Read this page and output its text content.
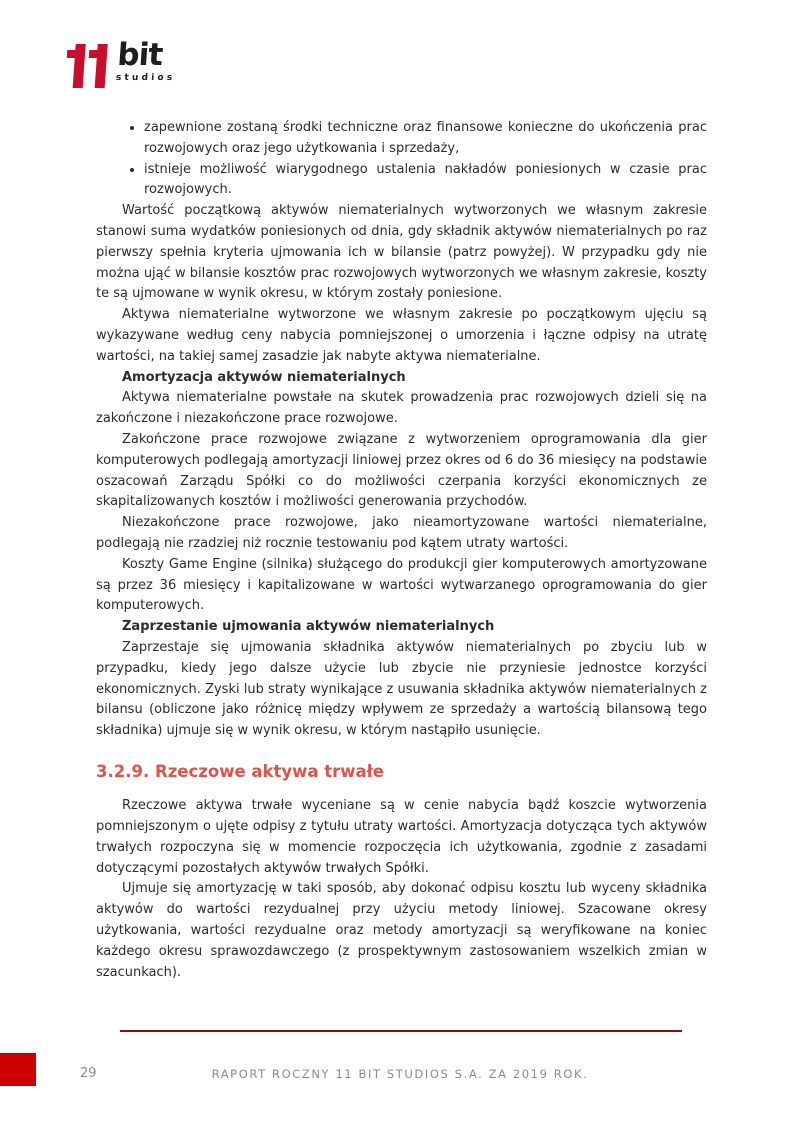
bit
studios
• zapewnione zostaną środki techniczne oraz finansowe konieczne do ukończenia prac rozwojowych oraz jego użytkowania i sprzedaży,
• istnieje możliwość wiarygodnego ustalenia nakładów poniesionych w czasie prac rozwojowych.

Wartość początkową aktywów niematerialnych wytworzonych we własnym zakresie stanowi suma wydatków poniesionych od dnia, gdy składnik aktywów niematerialnych po raz pierwszy spełnia kryteria ujmowania ich w bilansie (patrz powyżej). W przypadku gdy nie można ująć w bilansie kosztów prac rozwojowych wytworzonych we własnym zakresie, koszty te są ujmowane w wynik okresu, w którym zostały poniesione.

Aktywa niematerialne wytworzone we własnym zakresie po początkowym ujęciu są wykazywane według ceny nabycia pomniejszonej o umorzenia i łączne odpisy na utratę wartości, na takiej samej zasadzie jak nabyte aktywa niematerialne.

Amortyzacja aktywów niematerialnych

Aktywa niematerialne powstałe na skutek prowadzenia prac rozwojowych dzieli się na zakończone i niezakończone prace rozwojowe.

Zakończone prace rozwojowe związane z wytworzeniem oprogramowania dla gier komputerowych podlegają amortyzacji liniowej przez okres od 6 do 36 miesięcy na podstawie oszacowań Zarządu Spółki co do możliwości czerpania korzyści ekonomicznych ze skapitalizowanych kosztów i możliwości generowania przychodów.

Niezakończone prace rozwojowe, jako nieamortyzowane wartości niematerialne, podlegają nie rzadziej niż rocznie testowaniu pod kątem utraty wartości.

Koszty Game Engine (silnika) służącego do produkcji gier komputerowych amortyzowane są przez 36 miesięcy i kapitalizowane w wartości wytwarzanego oprogramowania do gier komputerowych.

Zaprzestanie ujmowania aktywów niematerialnych

Zaprzestaje się ujmowania składnika aktywów niematerialnych po zbyciu lub w przypadku, kiedy jego dalsze użycie lub zbycie nie przyniesie jednostce korzyści ekonomicznych. Zyski lub straty wynikające z usuwania składnika aktywów niematerialnych z bilansu (obliczone jako różnicę między wpływem ze sprzedaży a wartością bilansową tego składnika) ujmuje się w wynik okresu, w którym nastąpiło usunięcie.

3.2.9. Rzeczowe aktywa trwałe

Rzeczowe aktywa trwałe wyceniane są w cenie nabycia bądź koszcie wytworzenia pomniejszonym o ujęte odpisy z tytułu utraty wartości. Amortyzacja dotycząca tych aktywów trwałych rozpoczyna się w momencie rozpoczęcia ich użytkowania, zgodnie z zasadami dotyczącymi pozostałych aktywów trwałych Spółki.

Ujmuje się amortyzację w taki sposób, aby dokonać odpisu kosztu lub wyceny składnika aktywów do wartości rezydualnej przy użyciu metody liniowej. Szacowane okresy użytkowania, wartości rezydualne oraz metody amortyzacji są weryfikowane na koniec każdego okresu sprawozdawczego (z prospektywnym zastosowaniem wszelkich zmian w szacunkach).

29	RAPORT ROCZNY 11 BIT STUDIOS S.A. ZA 2019 ROK.
